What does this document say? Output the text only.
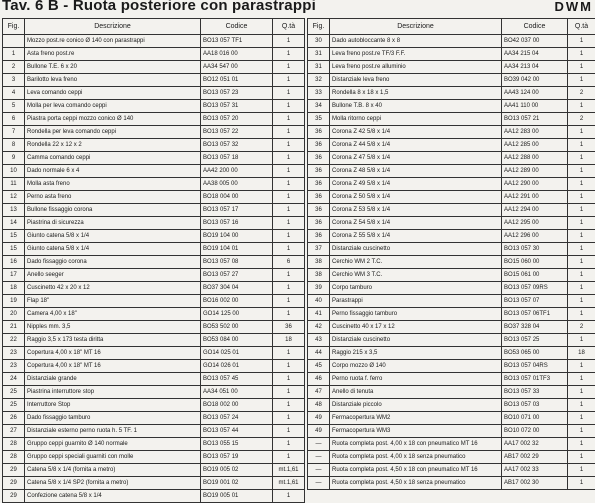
Tav. 6 B - Ruota posteriore con parastrappi	DWM
Fig.	Descrizione	Codice	Q.tà
	Mozzo post.re conico Ø 140 con parastrappi	BO13 057 TF1	1
1	Asta freno post.re	AA18 016 00	1
2	Bullone T.E. 6 x 20	AA34 547 00	1
3	Barilotto leva freno	BO12 051 01	1
4	Leva comando ceppi	BO13 057 23	1
5	Molla per leva comando ceppi	BO13 057 31	1
6	Piastra porta ceppi mozzo conico Ø 140	BO13 057 20	1
7	Rondella per leva comando ceppi	BO13 057 22	1
8	Rondella 22 x 12 x 2	BO13 057 32	1
9	Camma comando ceppi	BO13 057 18	1
10	Dado normale 6 x 4	AA42 200 00	1
11	Molla asta freno	AA38 005 00	1
12	Perno asta freno	BO18 004 00	1
13	Bullone fissaggio corona	BO13 057 17	1
14	Piastrina di sicurezza	BO13 057 16	1
15	Giunto catena 5/8 x 1/4	BO19 104 00	1
15	Giunto catena 5/8 x 1/4	BO19 104 01	1
16	Dado fissaggio corona	BO13 057 08	6
17	Anello seeger	BO13 057 27	1
18	Cuscinetto 42 x 20 x 12	BO37 304 04	1
19	Flap 18"	BO16 002 00	1
20	Camera 4,00 x 18"	GO14 125 00	1
21	Nipples mm. 3,5	BO53 502 00	36
22	Raggio 3,5 x 173 testa diritta	BO53 084 00	18
23	Copertura 4,00 x 18" MT 16	GO14 025 01	1
23	Copertura 4,00 x 18" MT 16	GO14 026 01	1
24	Distanziale grande	BO13 057 45	1
25	Piastrina interruttore stop	AA34 051 00	1
25	Interruttore Stop	BO18 002 00	1
26	Dado fissaggio tamburo	BO13 057 24	1
27	Distanziale esterno perno ruota h. 5 TF. 1	BO13 057 44	1
28	Gruppo ceppi guarnito Ø 140 normale	BO13 055 15	1
28	Gruppo ceppi speciali guarniti con molle	BO13 057 19	1
29	Catena 5/8 x 1/4 (fornita a metro)	BO19 005 02	mt.1,61
29	Catena 5/8 x 1/4 SP2 (fornita a metro)	BO19 001 02	mt.1,61
29	Confezione catena 5/8 x 1/4	BO19 005 01	1
Fig.	Descrizione	Codice	Q.tà
30	Dado autobloccante 8 x 8	BO42 037 00	1
31	Leva freno post.re TF/3 F.F.	AA34 215 04	1
31	Leva freno post.re alluminio	AA34 213 04	1
32	Distanziale leva freno	BO39 042 00	1
33	Rondella 8 x 18 x 1,5	AA43 124 00	2
34	Bullone T.B. 8 x 40	AA41 110 00	1
35	Molla ritorno ceppi	BO13 057 21	2
36	Corona Z 42 5/8 x 1/4	AA12 283 00	1
36	Corona Z 44 5/8 x 1/4	AA12 285 00	1
36	Corona Z 47 5/8 x 1/4	AA12 288 00	1
36	Corona Z 48 5/8 x 1/4	AA12 289 00	1
36	Corona Z 49 5/8 x 1/4	AA12 290 00	1
36	Corona Z 50 5/8 x 1/4	AA12 291 00	1
36	Corona Z 53 5/8 x 1/4	AA12 294 00	1
36	Corona Z 54 5/8 x 1/4	AA12 295 00	1
36	Corona Z 55 5/8 x 1/4	AA12 296 00	1
37	Distanziale cuscinetto	BO13 057 30	1
38	Cerchio WM 2 T.C.	BO15 060 00	1
38	Cerchio WM 3 T.C.	BO15 061 00	1
39	Corpo tamburo	BO13 057 09RS	1
40	Parastrappi	BO13 057 07	1
41	Perno fissaggio tamburo	BO13 057 06TF1	1
42	Cuscinetto 40 x 17 x 12	BO37 328 04	2
43	Distanziale cuscinetto	BO13 057 25	1
44	Raggio 215 x 3,5	BO53 065 00	18
45	Corpo mozzo Ø 140	BO13 057 04RS	1
46	Perno ruota f. ferro	BO13 057 01TF3	1
47	Anello di tenuta	BO13 057 33	1
48	Distanziale piccolo	BO13 057 03	1
49	Fermacopertura WM2	BO10 071 00	1
49	Fermacopertura WM3	BO10 072 00	1
—	Ruota completa post. 4,00 x 18 con pneumatico MT 16	AA17 002 32	1
—	Ruota completa post. 4,00 x 18 senza pneumatico	AB17 002 29	1
—	Ruota completa post. 4,50 x 18 con pneumatico MT 16	AA17 002 33	1
—	Ruota completa post. 4,50 x 18 senza pneumatico	AB17 002 30	1
